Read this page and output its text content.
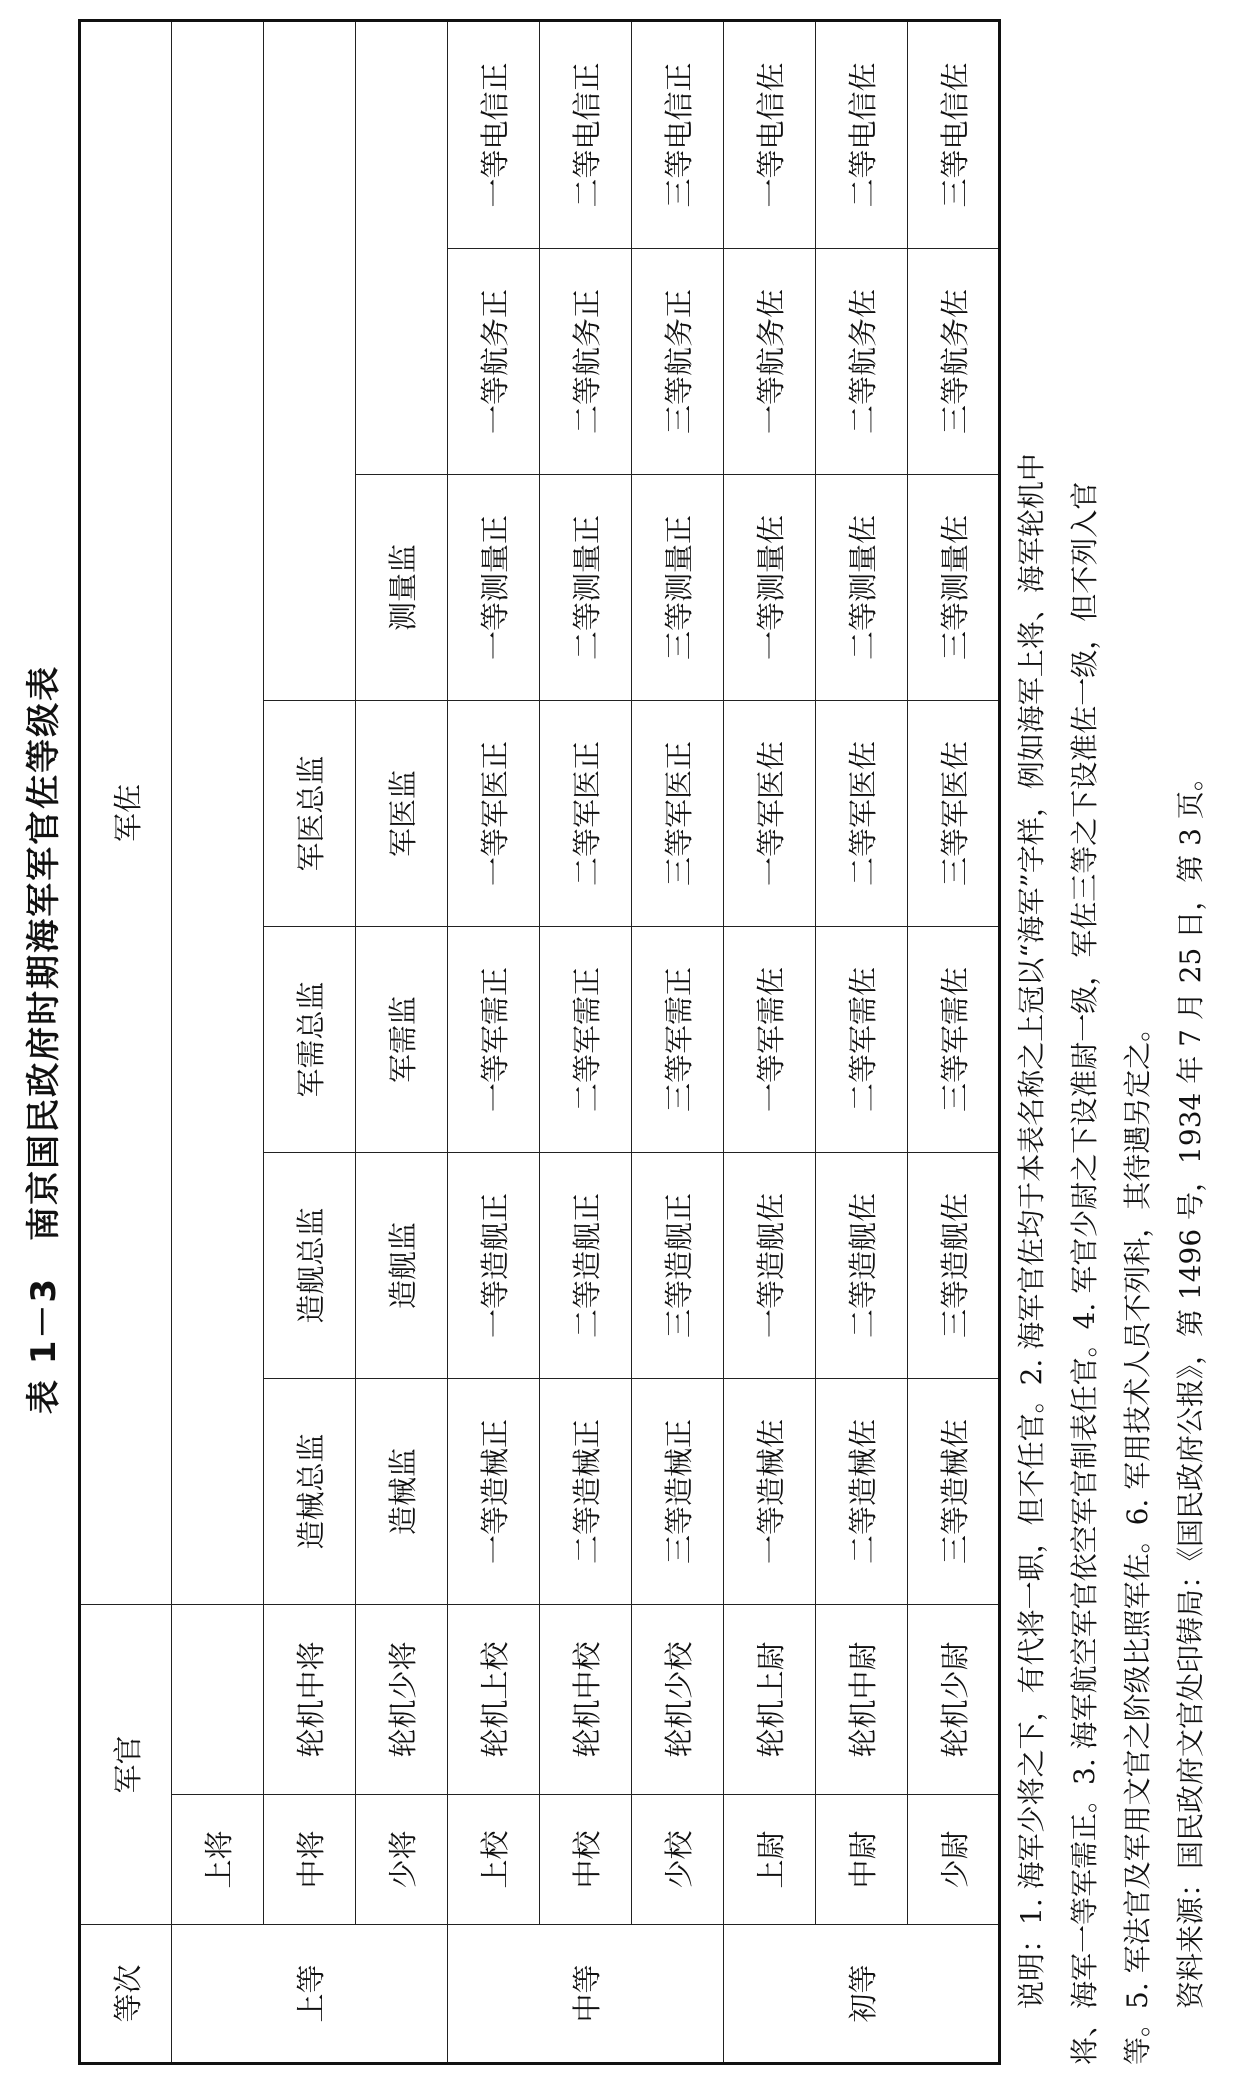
表 1－3　南京国民政府时期海军军官佐等级表
等次	军官		军佐						
上等	上将								
	中将	轮机中将	造械总监	造舰总监	军需总监	军医总监			
	少将	轮机少将	造械监	造舰监	军需监	军医监	测量监		
中等	上校	轮机上校	一等造械正	一等造舰正	一等军需正	一等军医正	一等测量正	一等航务正	一等电信正
	中校	轮机中校	二等造械正	二等造舰正	二等军需正	二等军医正	二等测量正	二等航务正	二等电信正
	少校	轮机少校	三等造械正	三等造舰正	三等军需正	三等军医正	三等测量正	三等航务正	三等电信正
初等	上尉	轮机上尉	一等造械佐	一等造舰佐	一等军需佐	一等军医佐	一等测量佐	一等航务佐	一等电信佐
	中尉	轮机中尉	二等造械佐	二等造舰佐	二等军需佐	二等军医佐	二等测量佐	二等航务佐	二等电信佐
	少尉	轮机少尉	三等造械佐	三等造舰佐	三等军需佐	三等军医佐	三等测量佐	三等航务佐	三等电信佐

说明：1. 海军少将之下，有代将一职，但不任官。2. 海军官佐均于本表名称之上冠以“海军”字样，例如海军上将、海军轮机中 将、海军一等军需正。3. 海军航空军官依空军官制表任官。4. 军官少尉之下设准尉一级，军佐三等之下设准佐一级，但不列入官 等。5. 军法官及军用文官之阶级比照军佐。6. 军用技术人员不列科，其待遇另定之。 资料来源：国民政府文官处印铸局：《国民政府公报》，第 1496 号，1934 年 7 月 25 日，第 3 页。
